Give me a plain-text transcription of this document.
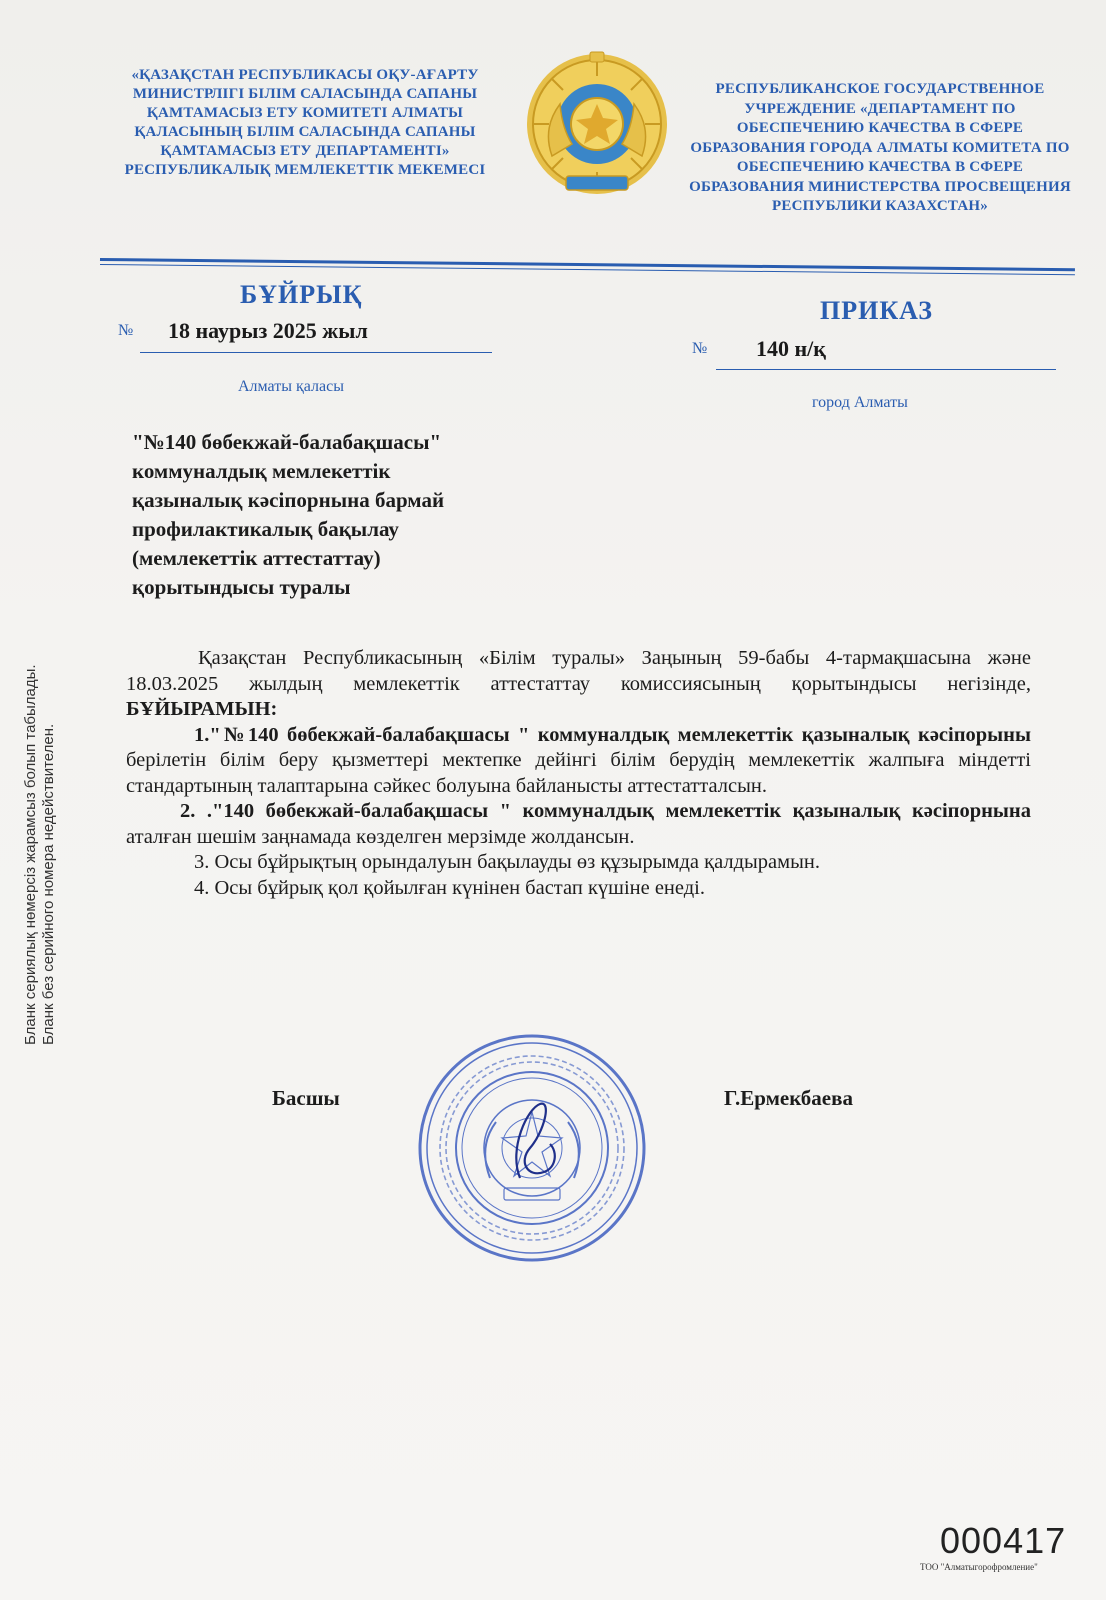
«ҚАЗАҚСТАН РЕСПУБЛИКАСЫ ОҚУ-АҒАРТУ
МИНИСТРЛІГІ БІЛІМ САЛАСЫНДА САПАНЫ
ҚАМТАМАСЫЗ ЕТУ КОМИТЕТІ АЛМАТЫ
ҚАЛАСЫНЫҢ БІЛІМ САЛАСЫНДА САПАНЫ
ҚАМТАМАСЫЗ ЕТУ ДЕПАРТАМЕНТІ»
РЕСПУБЛИКАЛЫҚ МЕМЛЕКЕТТІК МЕКЕМЕСІ
РЕСПУБЛИКАНСКОЕ ГОСУДАРСТВЕННОЕ
УЧРЕЖДЕНИЕ «ДЕПАРТАМЕНТ ПО
ОБЕСПЕЧЕНИЮ КАЧЕСТВА В СФЕРЕ
ОБРАЗОВАНИЯ ГОРОДА АЛМАТЫ КОМИТЕТА ПО
ОБЕСПЕЧЕНИЮ КАЧЕСТВА В СФЕРЕ
ОБРАЗОВАНИЯ МИНИСТЕРСТВА ПРОСВЕЩЕНИЯ
РЕСПУБЛИКИ КАЗАХСТАН»
БҰЙРЫҚ
ПРИКАЗ
№ 18 наурыз 2025 жыл
№ 140 н/қ
Алматы қаласы
город Алматы
"№140 бөбекжай-балабақшасы"
коммуналдық мемлекеттік
қазыналық кәсіпорнына бармай
профилактикалық бақылау
(мемлекеттік аттестаттау)
қорытындысы туралы

Қазақстан Республикасының «Білім туралы» Заңының 59-бабы 4-тармақшасына және 18.03.2025 жылдың мемлекеттік аттестаттау комиссиясының қорытындысы негізінде, БҰЙЫРАМЫН:

1."№140 бөбекжай-балабақшасы " коммуналдық мемлекеттік қазыналық кәсіпорыны берілетін білім беру қызметтері мектепке дейінгі білім берудің мемлекеттік жалпыға міндетті стандартының талаптарына сәйкес болуына байланысты аттестатталсын.

2. ."140 бөбекжай-балабақшасы " коммуналдық мемлекеттік қазыналық кәсіпорнына аталған шешім заңнамада көзделген мерзімде жолдансын.

3. Осы бұйрықтың орындалуын бақылауды өз құзырымда қалдырамын.

4. Осы бұйрық қол қойылған күнінен бастап күшіне енеді.

Басшы	Г.Ермекбаева
Бланк сериялық нөмерсіз жарамсыз болып табылады. Бланк без серийного номера недействителен.
000417
ТОО "Алматыгорофромление"
